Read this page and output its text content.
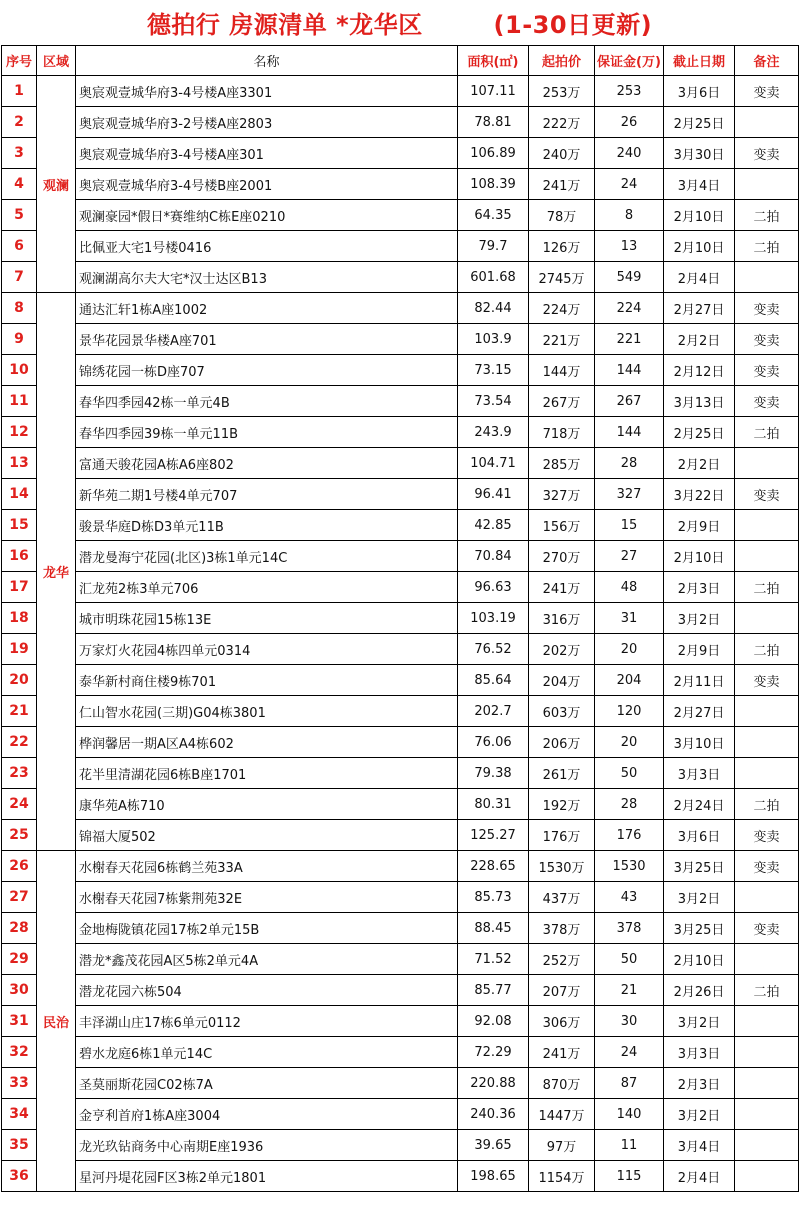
德拍行 房源清单 *龙华区
	(1-30日更新)
序号	区域	名称	面积(㎡)	起拍价	保证金(万)	截止日期	备注
1	观澜	奥宸观壹城华府3-4号楼A座3301	107.11	253万	253	3月6日	变卖
2		奥宸观壹城华府3-2号楼A座2803	78.81	222万	26	2月25日	
3		奥宸观壹城华府3-4号楼A座301	106.89	240万	240	3月30日	变卖
4		奥宸观壹城华府3-4号楼B座2001	108.39	241万	24	3月4日	
5		观澜豪园*假日*赛维纳C栋E座0210	64.35	78万	8	2月10日	二拍
6		比佩亚大宅1号楼0416	79.7	126万	13	2月10日	二拍
7		观澜湖高尔夫大宅*汉士达区B13	601.68	2745万	549	2月4日	
8	龙华	通达汇轩1栋A座1002	82.44	224万	224	2月27日	变卖
9		景华花园景华楼A座701	103.9	221万	221	2月2日	变卖
10		锦绣花园一栋D座707	73.15	144万	144	2月12日	变卖
11		春华四季园42栋一单元4B	73.54	267万	267	3月13日	变卖
12		春华四季园39栋一单元11B	243.9	718万	144	2月25日	二拍
13		富通天骏花园A栋A6座802	104.71	285万	28	2月2日	
14		新华苑二期1号楼4单元707	96.41	327万	327	3月22日	变卖
15		骏景华庭D栋D3单元11B	42.85	156万	15	2月9日	
16		潜龙曼海宁花园(北区)3栋1单元14C	70.84	270万	27	2月10日	
17		汇龙苑2栋3单元706	96.63	241万	48	2月3日	二拍
18		城市明珠花园15栋13E	103.19	316万	31	3月2日	
19		万家灯火花园4栋四单元0314	76.52	202万	20	2月9日	二拍
20		泰华新村商住楼9栋701	85.64	204万	204	2月11日	变卖
21		仁山智水花园(三期)G04栋3801	202.7	603万	120	2月27日	
22		桦润馨居一期A区A4栋602	76.06	206万	20	3月10日	
23		花半里清湖花园6栋B座1701	79.38	261万	50	3月3日	
24		康华苑A栋710	80.31	192万	28	2月24日	二拍
25		锦福大厦502	125.27	176万	176	3月6日	变卖
26	民治	水榭春天花园6栋鹤兰苑33A	228.65	1530万	1530	3月25日	变卖
27		水榭春天花园7栋紫荆苑32E	85.73	437万	43	3月2日	
28		金地梅陇镇花园17栋2单元15B	88.45	378万	378	3月25日	变卖
29		潜龙*鑫茂花园A区5栋2单元4A	71.52	252万	50	2月10日	
30		潜龙花园六栋504	85.77	207万	21	2月26日	二拍
31		丰泽湖山庄17栋6单元0112	92.08	306万	30	3月2日	
32		碧水龙庭6栋1单元14C	72.29	241万	24	3月3日	
33		圣莫丽斯花园C02栋7A	220.88	870万	87	2月3日	
34		金亨利首府1栋A座3004	240.36	1447万	140	3月2日	
35		龙光玖钻商务中心南期E座1936	39.65	97万	11	3月4日	
36		星河丹堤花园F区3栋2单元1801	198.65	1154万	115	2月4日	
